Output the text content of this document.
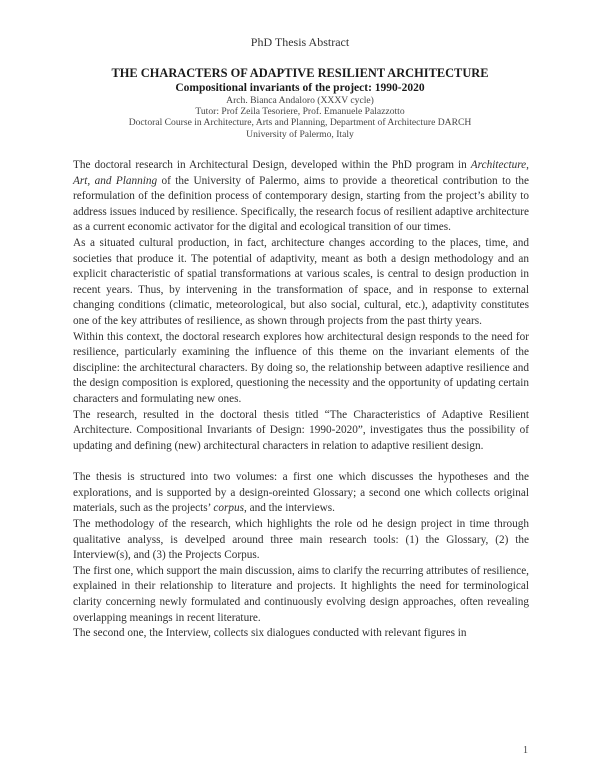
PhD Thesis Abstract
THE CHARACTERS OF ADAPTIVE RESILIENT ARCHITECTURE
Compositional invariants of the project: 1990-2020
Arch. Bianca Andaloro (XXXV cycle)
Tutor: Prof Zeila Tesoriere, Prof. Emanuele Palazzotto
Doctoral Course in Architecture, Arts and Planning, Department of Architecture DARCH
University of Palermo, Italy

The doctoral research in Architectural Design, developed within the PhD program in Architecture, Art, and Planning of the University of Palermo, aims to provide a theoretical contribution to the reformulation of the definition process of contemporary design, starting from the project’s ability to address issues induced by resilience. Specifically, the research focus of resilient adaptive architecture as a current economic activator for the digital and ecological transition of our times.

As a situated cultural production, in fact, architecture changes according to the places, time, and societies that produce it. The potential of adaptivity, meant as both a design methodology and an explicit characteristic of spatial transformations at various scales, is central to design production in recent years. Thus, by intervening in the transformation of space, and in response to external changing conditions (climatic, meteorological, but also social, cultural, etc.), adaptivity constitutes one of the key attributes of resilience, as shown through projects from the past thirty years.

Within this context, the doctoral research explores how architectural design responds to the need for resilience, particularly examining the influence of this theme on the invariant elements of the discipline: the architectural characters. By doing so, the relationship between adaptive resilience and the design composition is explored, questioning the necessity and the opportunity of updating certain characters and formulating new ones.

The research, resulted in the doctoral thesis titled “The Characteristics of Adaptive Resilient Architecture. Compositional Invariants of Design: 1990-2020”, investigates thus the possibility of updating and defining (new) architectural characters in relation to adaptive resilient design.

The thesis is structured into two volumes: a first one which discusses the hypotheses and the explorations, and is supported by a design-oreinted Glossary; a second one which collects original materials, such as the projects’ corpus, and the interviews.

The methodology of the research, which highlights the role od he design project in time through qualitative analyss, is develped around three main research tools: (1) the Glossary, (2) the Interview(s), and (3) the Projects Corpus.

The first one, which support the main discussion, aims to clarify the recurring attributes of resilience, explained in their relationship to literature and projects. It highlights the need for terminological clarity concerning newly formulated and continuously evolving design approaches, often revealing overlapping meanings in recent literature.

The second one, the Interview, collects six dialogues conducted with relevant figures in

1
